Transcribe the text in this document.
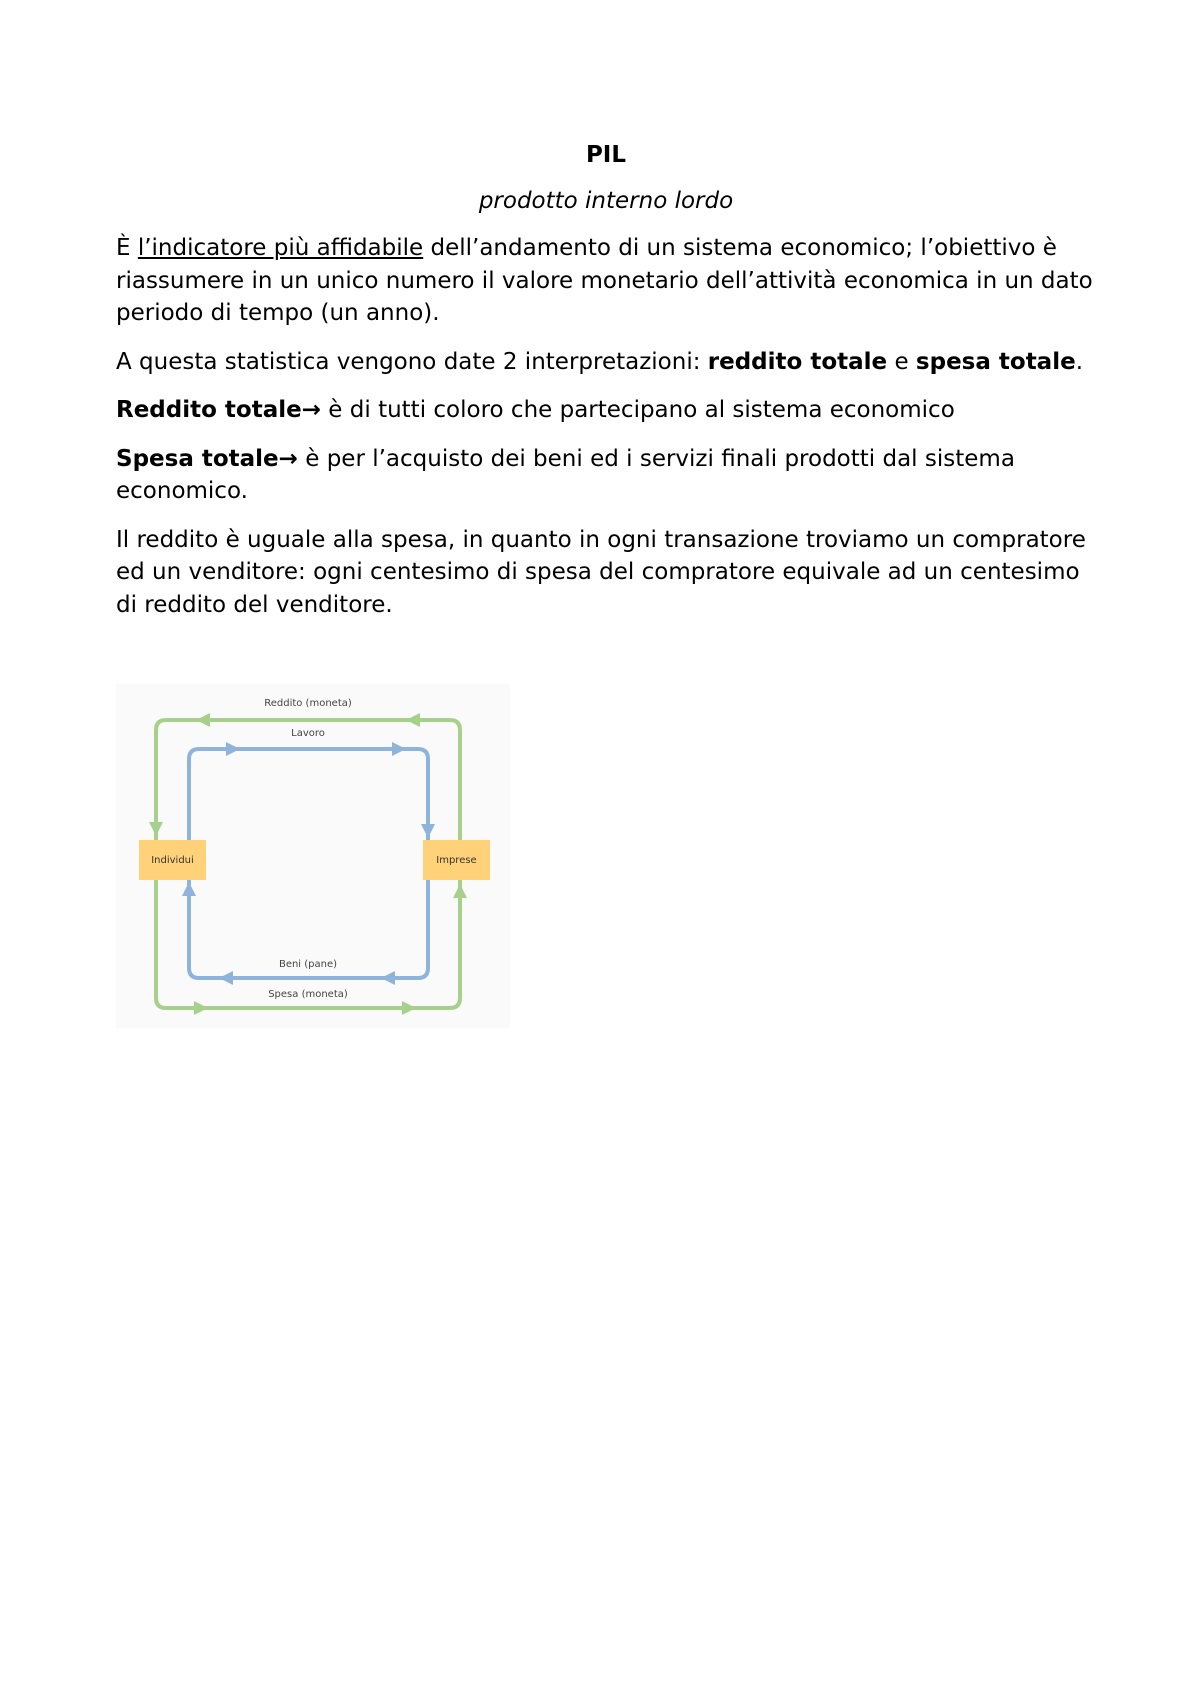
PIL
prodotto interno lordo

È l’indicatore più affidabile dell’andamento di un sistema economico; l’obiettivo è riassumere in un unico numero il valore monetario dell’attività economica in un dato periodo di tempo (un anno).

A questa statistica vengono date 2 interpretazioni: reddito totale e spesa totale.

Reddito totale→ è di tutti coloro che partecipano al sistema economico

Spesa totale→ è per l’acquisto dei beni ed i servizi finali prodotti dal sistema economico.

Il reddito è uguale alla spesa, in quanto in ogni transazione troviamo un compratore ed un venditore: ogni centesimo di spesa del compratore equivale ad un centesimo di reddito del venditore.

Individui	Imprese
Reddito (moneta)
Lavoro
Beni (pane)
Spesa (moneta)
